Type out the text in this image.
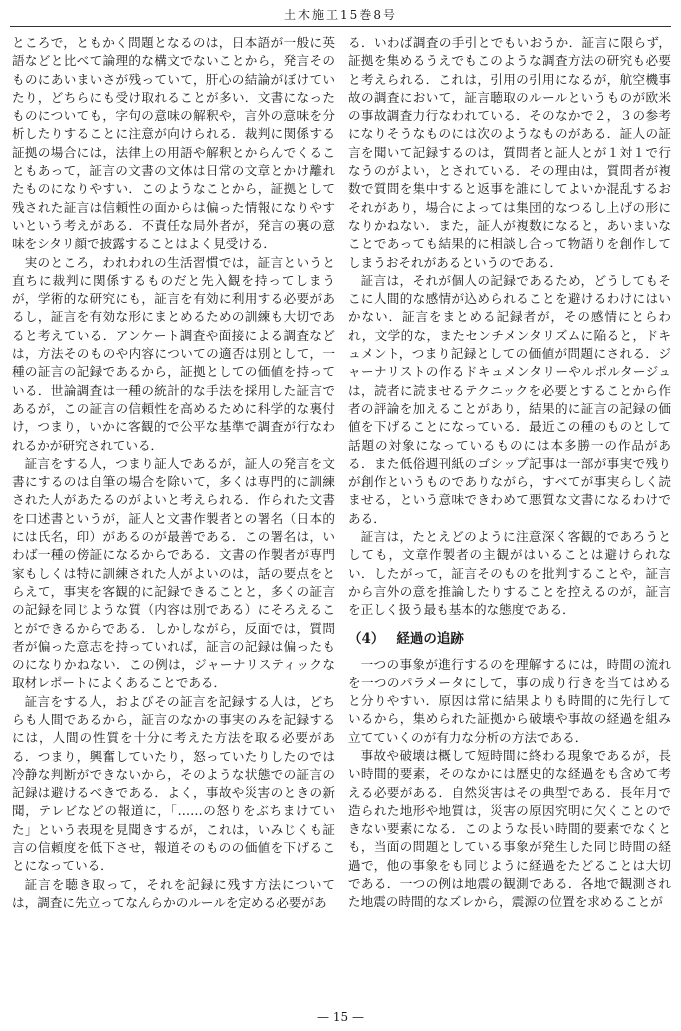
土木施工15巻8号

ところで，ともかく問題となるのは，日本語が一般に英語などと比べて論理的な構文でないことから，発言そのものにあいまいさが残っていて，肝心の結論がぼけていたり，どちらにも受け取れることが多い．文書になったものについても，字句の意味の解釈や，言外の意味を分析したりすることに注意が向けられる．裁判に関係する証拠の場合には，法律上の用語や解釈とからんでくることもあって，証言の文書の文体は日常の文章とかけ離れたものになりやすい．このようなことから，証拠として残された証言は信頼性の面からは偏った情報になりやすいという考えがある．不責任な局外者が，発言の裏の意味をシタリ顔で披露することはよく見受ける．

実のところ，われわれの生活習慣では，証言というと直ちに裁判に関係するものだと先入観を持ってしまうが，学術的な研究にも，証言を有効に利用する必要があるし，証言を有効な形にまとめるための訓練も大切であると考えている．アンケート調査や面接による調査などは，方法そのものや内容についての適否は別として，一種の証言の記録であるから，証拠としての価値を持っている．世論調査は一種の統計的な手法を採用した証言であるが，この証言の信頼性を高めるために科学的な裏付け，つまり，いかに客観的で公平な基準で調査が行なわれるかが研究されている．

証言をする人，つまり証人であるが，証人の発言を文書にするのは自筆の場合を除いて，多くは専門的に訓練された人があたるのがよいと考えられる．作られた文書を口述書というが，証人と文書作製者との署名（日本的には氏名，印）があるのが最善である．この署名は，いわば一種の傍証になるからである．文書の作製者が専門家もしくは特に訓練された人がよいのは，話の要点をとらえて，事実を客観的に記録できることと，多くの証言の記録を同じような質（内容は別である）にそろえることができるからである．しかしながら，反面では，質問者が偏った意志を持っていれば，証言の記録は偏ったものになりかねない．この例は，ジャーナリスティックな取材レポートによくあることである．

証言をする人，およびその証言を記録する人は，どちらも人間であるから，証言のなかの事実のみを記録するには，人間の性質を十分に考えた方法を取る必要がある．つまり，興奮していたり，怒っていたりしたのでは冷静な判断ができないから，そのような状態での証言の記録は避けるべきである．よく，事故や災害のときの新聞，テレビなどの報道に，「……の怒りをぶちまけていた」という表現を見聞きするが，これは，いみじくも証言の信頼度を低下させ，報道そのものの価値を下げることになっている．

証言を聴き取って，それを記録に残す方法については，調査に先立ってなんらかのルールを定める必要があ

る．いわば調査の手引とでもいおうか．証言に限らず，証拠を集めるうえでもこのような調査方法の研究も必要と考えられる．これは，引用の引用になるが，航空機事故の調査において，証言聴取のルールというものが欧米の事故調査力行なわれている．そのなかで２，３の参考になりそうなものには次のようなものがある．証人の証言を聞いて記録するのは，質問者と証人とが１対１で行なうのがよい，とされている．その理由は，質問者が複数で質問を集中すると返事を誰にしてよいか混乱するおそれがあり，場合によっては集団的なつるし上げの形になりかねない．また，証人が複数になると，あいまいなことであっても結果的に相談し合って物語りを創作してしまうおそれがあるというのである．

証言は，それが個人の記録であるため，どうしてもそこに人間的な感情が込められることを避けるわけにはいかない．証言をまとめる記録者が，その感情にとらわれ，文学的な，またセンチメンタリズムに陥ると，ドキュメント，つまり記録としての価値が問題にされる．ジャーナリストの作るドキュメンタリーやルポルタージュは，読者に読ませるテクニックを必要とすることから作者の評論を加えることがあり，結果的に証言の記録の価値を下げることになっている．最近この種のものとして話題の対象になっているものには本多勝一の作品がある．また低俗週刊紙のゴシップ記事は一部が事実で残りが創作というものでありながら，すべてが事実らしく読ませる，という意味できわめて悪質な文書になるわけである．

証言は，たとえどのように注意深く客観的であろうとしても，文章作製者の主観がはいることは避けられない．したがって，証言そのものを批判することや，証言から言外の意を推論したりすることを控えるのが，証言を正しく扱う最も基本的な態度である．

（4） 経過の追跡

一つの事象が進行するのを理解するには，時間の流れを一つのパラメータにして，事の成り行きを当てはめると分りやすい．原因は常に結果よりも時間的に先行しているから，集められた証拠から破壊や事故の経過を組み立てていくのが有力な分析の方法である．

事故や破壊は概して短時間に終わる現象であるが，長い時間的要素，そのなかには歴史的な経過をも含めて考える必要がある．自然災害はその典型である．長年月で造られた地形や地質は，災害の原因究明に欠くことのできない要素になる．このような長い時間的要素でなくとも，当面の問題としている事象が発生した同じ時間の経過で，他の事象をも同じように経過をたどることは大切である．一つの例は地震の観測である．各地で観測された地震の時間的なズレから，震源の位置を求めることが

— 15 —
